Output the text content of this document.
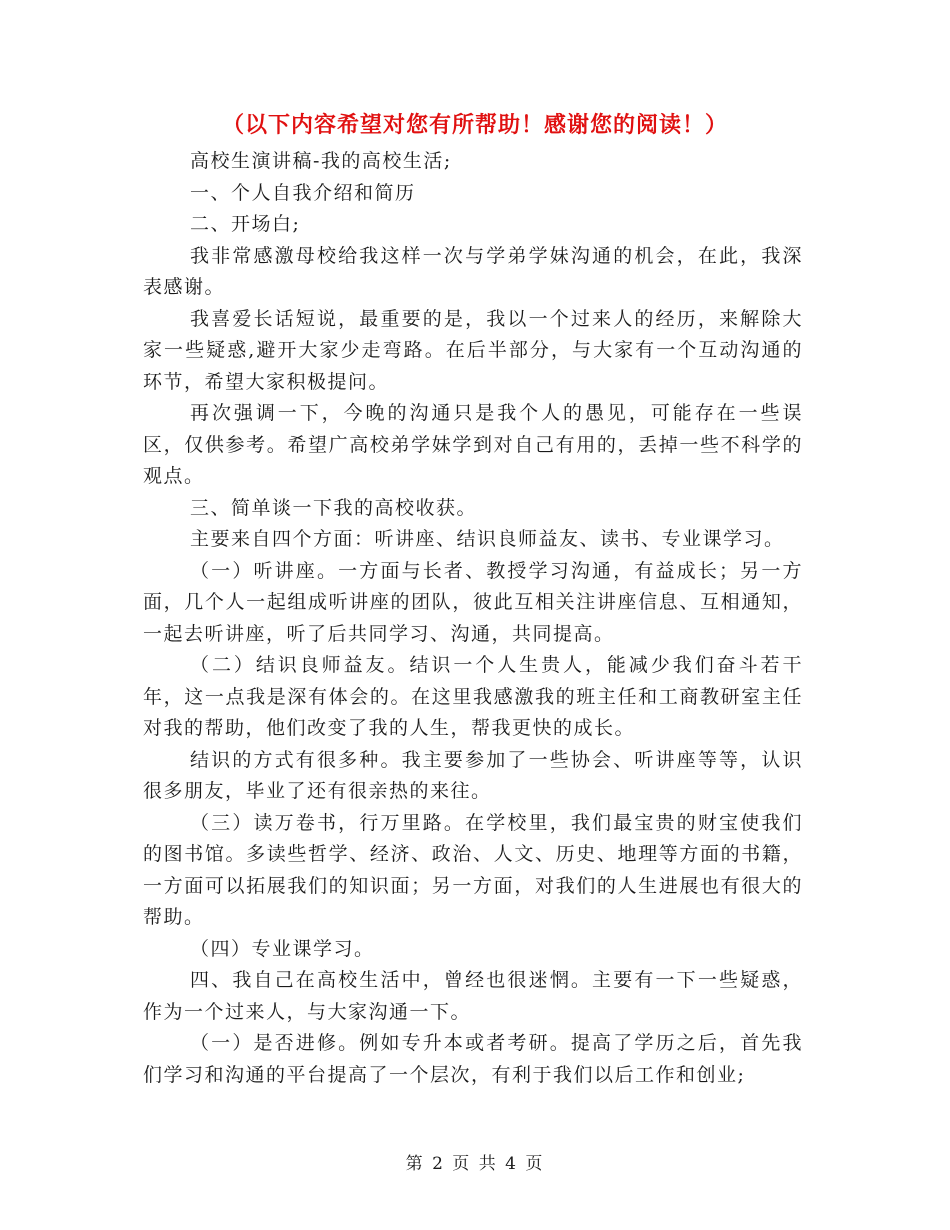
（以下内容希望对您有所帮助！感谢您的阅读！）

高校生演讲稿-我的高校生活;

一、个人自我介绍和简历

二、开场白;

我非常感激母校给我这样一次与学弟学妹沟通的机会，在此，我深表感谢。

我喜爱长话短说，最重要的是，我以一个过来人的经历，来解除大家一些疑惑,避开大家少走弯路。在后半部分，与大家有一个互动沟通的环节，希望大家积极提问。

再次强调一下，今晚的沟通只是我个人的愚见，可能存在一些误区，仅供参考。希望广高校弟学妹学到对自己有用的，丢掉一些不科学的观点。

三、简单谈一下我的高校收获。

主要来自四个方面：听讲座、结识良师益友、读书、专业课学习。

（一）听讲座。一方面与长者、教授学习沟通，有益成长；另一方面，几个人一起组成听讲座的团队，彼此互相关注讲座信息、互相通知，一起去听讲座，听了后共同学习、沟通，共同提高。

（二）结识良师益友。结识一个人生贵人，能减少我们奋斗若干年，这一点我是深有体会的。在这里我感激我的班主任和工商教研室主任对我的帮助，他们改变了我的人生，帮我更快的成长。

结识的方式有很多种。我主要参加了一些协会、听讲座等等，认识很多朋友，毕业了还有很亲热的来往。

（三）读万卷书，行万里路。在学校里，我们最宝贵的财宝使我们的图书馆。多读些哲学、经济、政治、人文、历史、地理等方面的书籍，一方面可以拓展我们的知识面；另一方面，对我们的人生进展也有很大的帮助。

（四）专业课学习。

四、我自己在高校生活中，曾经也很迷惘。主要有一下一些疑惑，作为一个过来人，与大家沟通一下。

（一）是否进修。例如专升本或者考研。提高了学历之后，首先我们学习和沟通的平台提高了一个层次，有利于我们以后工作和创业;

第 2 页 共 4 页
